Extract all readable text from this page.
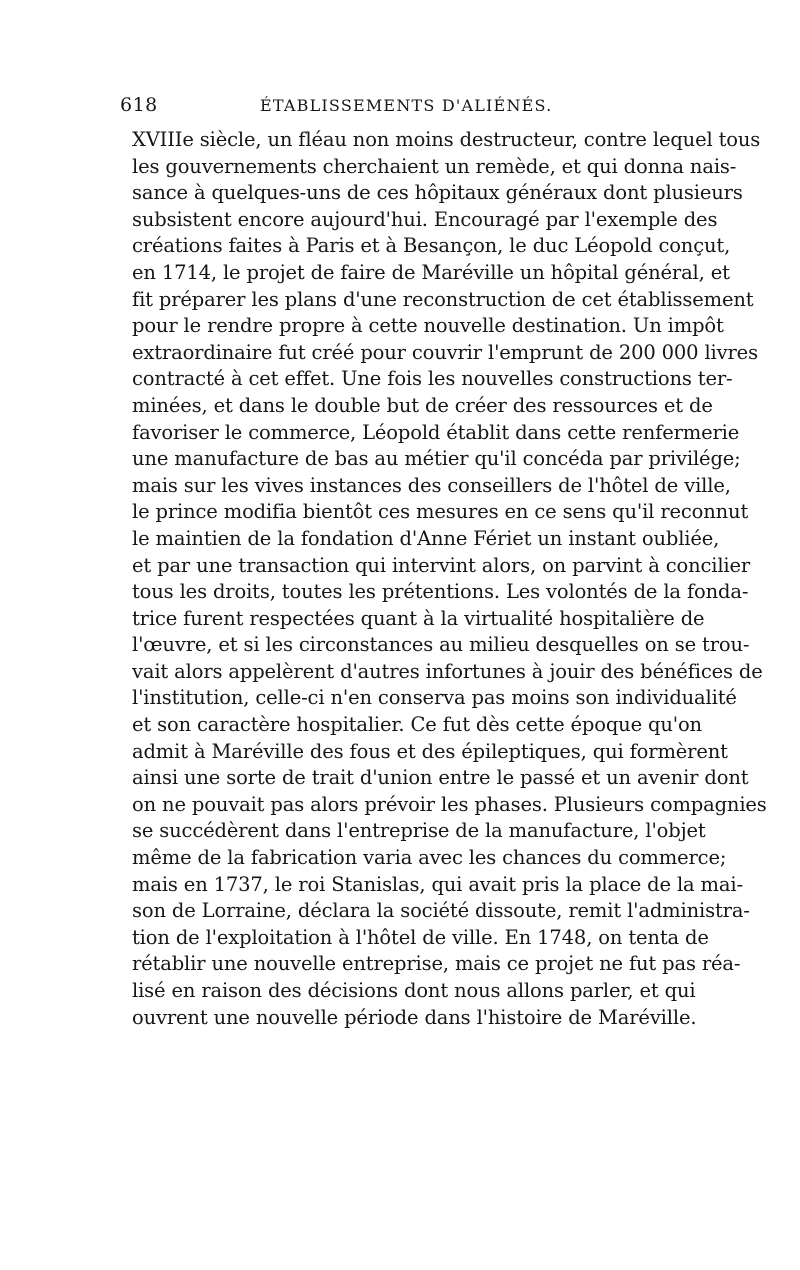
618	ÉTABLISSEMENTS D'ALIÉNÉS.
XVIIIe siècle, un fléau non moins destructeur, contre lequel tous
les gouvernements cherchaient un remède, et qui donna nais-
sance à quelques-uns de ces hôpitaux généraux dont plusieurs
subsistent encore aujourd'hui. Encouragé par l'exemple des
créations faites à Paris et à Besançon, le duc Léopold conçut,
en 1714, le projet de faire de Maréville un hôpital général, et
fit préparer les plans d'une reconstruction de cet établissement
pour le rendre propre à cette nouvelle destination. Un impôt
extraordinaire fut créé pour couvrir l'emprunt de 200 000 livres
contracté à cet effet. Une fois les nouvelles constructions ter-
minées, et dans le double but de créer des ressources et de
favoriser le commerce, Léopold établit dans cette renfermerie
une manufacture de bas au métier qu'il concéda par privilége;
mais sur les vives instances des conseillers de l'hôtel de ville,
le prince modifia bientôt ces mesures en ce sens qu'il reconnut
le maintien de la fondation d'Anne Fériet un instant oubliée,
et par une transaction qui intervint alors, on parvint à concilier
tous les droits, toutes les prétentions. Les volontés de la fonda-
trice furent respectées quant à la virtualité hospitalière de
l'œuvre, et si les circonstances au milieu desquelles on se trou-
vait alors appelèrent d'autres infortunes à jouir des bénéfices de
l'institution, celle-ci n'en conserva pas moins son individualité
et son caractère hospitalier. Ce fut dès cette époque qu'on
admit à Maréville des fous et des épileptiques, qui formèrent
ainsi une sorte de trait d'union entre le passé et un avenir dont
on ne pouvait pas alors prévoir les phases. Plusieurs compagnies
se succédèrent dans l'entreprise de la manufacture, l'objet
même de la fabrication varia avec les chances du commerce;
mais en 1737, le roi Stanislas, qui avait pris la place de la mai-
son de Lorraine, déclara la société dissoute, remit l'administra-
tion de l'exploitation à l'hôtel de ville. En 1748, on tenta de
rétablir une nouvelle entreprise, mais ce projet ne fut pas réa-
lisé en raison des décisions dont nous allons parler, et qui
ouvrent une nouvelle période dans l'histoire de Maréville.
